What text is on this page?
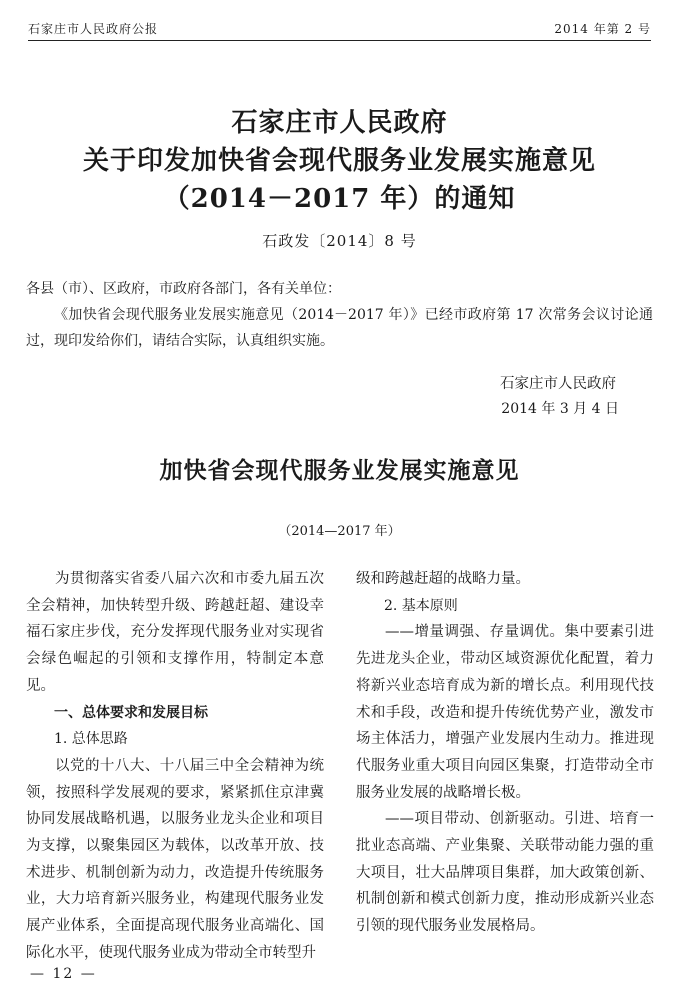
石家庄市人民政府公报	2014 年第 2 号
石家庄市人民政府
关于印发加快省会现代服务业发展实施意见
（2014－2017 年）的通知
石政发〔2014〕8 号

各县（市）、区政府，市政府各部门，各有关单位：

《加快省会现代服务业发展实施意见（2014－2017 年）》已经市政府第 17 次常务会议讨论通过，现印发给你们，请结合实际，认真组织实施。

石家庄市人民政府
2014 年 3 月 4 日
加快省会现代服务业发展实施意见
（2014—2017 年）

为贯彻落实省委八届六次和市委九届五次全会精神，加快转型升级、跨越赶超、建设幸福石家庄步伐，充分发挥现代服务业对实现省会绿色崛起的引领和支撑作用，特制定本意见。

一、总体要求和发展目标

1. 总体思路

以党的十八大、十八届三中全会精神为统领，按照科学发展观的要求，紧紧抓住京津冀协同发展战略机遇，以服务业龙头企业和项目为支撑，以聚集园区为载体，以改革开放、技术进步、机制创新为动力，改造提升传统服务业，大力培育新兴服务业，构建现代服务业发展产业体系，全面提高现代服务业高端化、国际化水平，使现代服务业成为带动全市转型升

级和跨越赶超的战略力量。

2. 基本原则

——增量调强、存量调优。集中要素引进先进龙头企业，带动区域资源优化配置，着力将新兴业态培育成为新的增长点。利用现代技术和手段，改造和提升传统优势产业，激发市场主体活力，增强产业发展内生动力。推进现代服务业重大项目向园区集聚，打造带动全市服务业发展的战略增长极。

——项目带动、创新驱动。引进、培育一批业态高端、产业集聚、关联带动能力强的重大项目，壮大品牌项目集群，加大政策创新、机制创新和模式创新力度，推动形成新兴业态引领的现代服务业发展格局。

— 12 —
